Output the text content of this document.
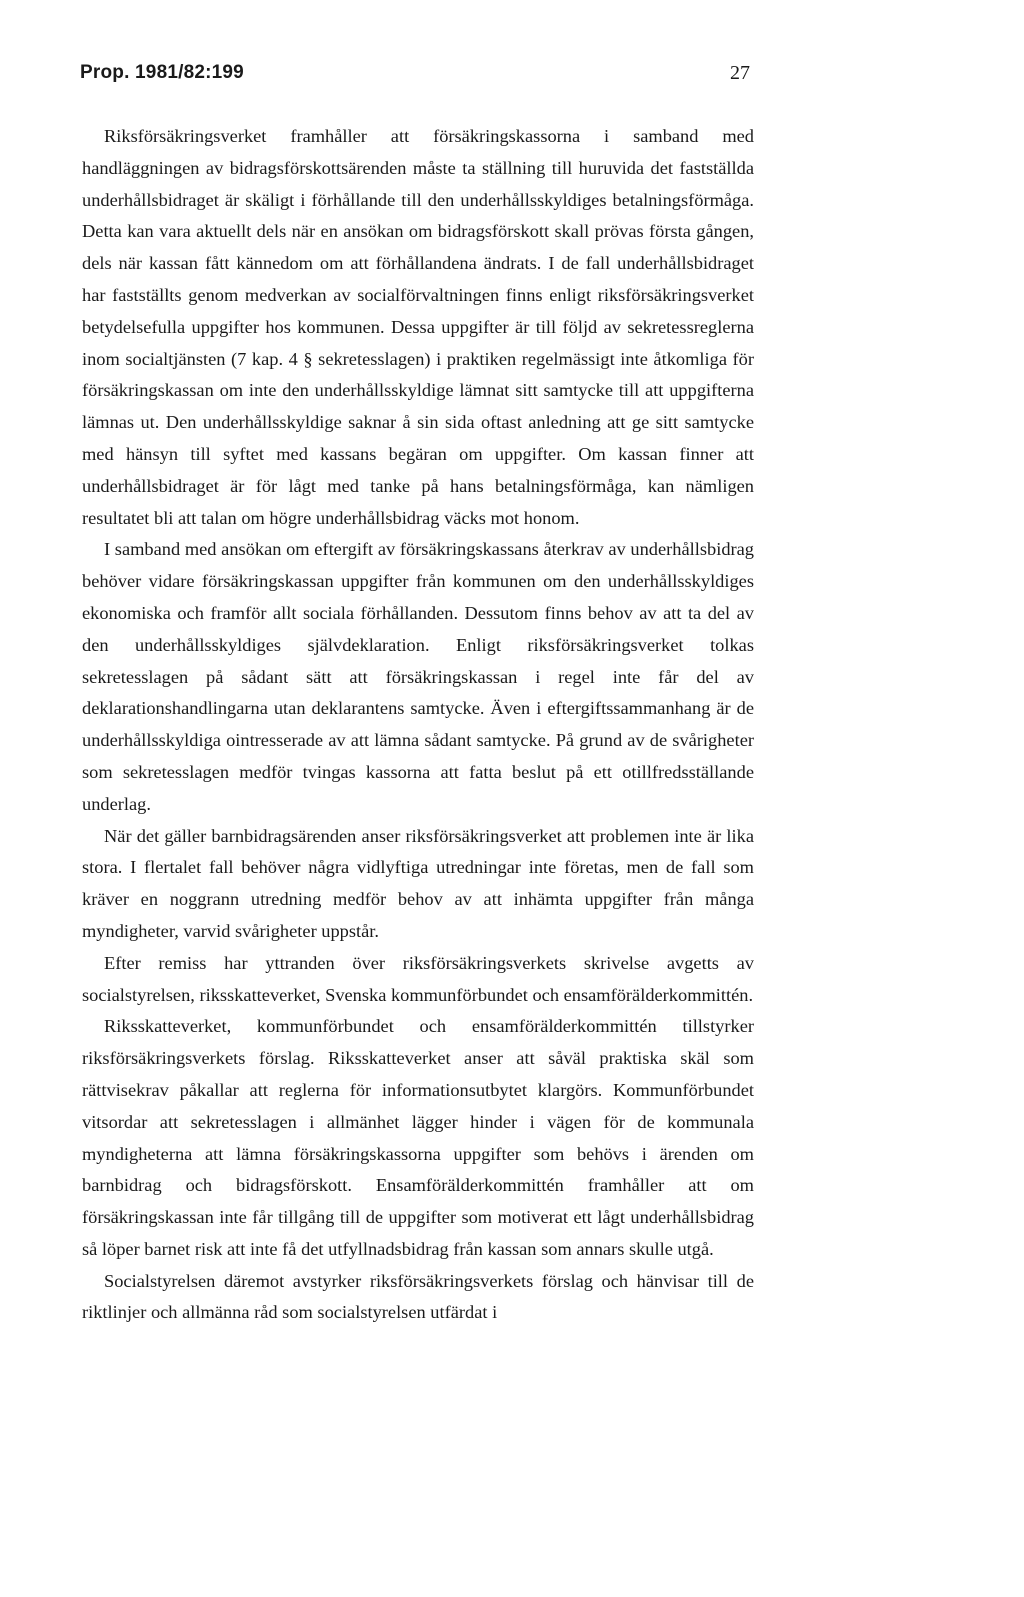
Prop. 1981/82:199	27

Riksförsäkringsverket framhåller att försäkringskassorna i samband med handläggningen av bidragsförskottsärenden måste ta ställning till huruvida det fastställda underhållsbidraget är skäligt i förhållande till den underhållsskyldiges betalningsförmåga. Detta kan vara aktuellt dels när en ansökan om bidragsförskott skall prövas första gången, dels när kassan fått kännedom om att förhållandena ändrats. I de fall underhållsbidraget har fastställts genom medverkan av socialförvaltningen finns enligt riksförsäkringsverket betydelsefulla uppgifter hos kommunen. Dessa uppgifter är till följd av sekretessreglerna inom socialtjänsten (7 kap. 4 § sekretesslagen) i praktiken regelmässigt inte åtkomliga för försäkringskassan om inte den underhållsskyldige lämnat sitt samtycke till att uppgifterna lämnas ut. Den underhållsskyldige saknar å sin sida oftast anledning att ge sitt samtycke med hänsyn till syftet med kassans begäran om uppgifter. Om kassan finner att underhållsbidraget är för lågt med tanke på hans betalningsförmåga, kan nämligen resultatet bli att talan om högre underhållsbidrag väcks mot honom.

I samband med ansökan om eftergift av försäkringskassans återkrav av underhållsbidrag behöver vidare försäkringskassan uppgifter från kommunen om den underhållsskyldiges ekonomiska och framför allt sociala förhållanden. Dessutom finns behov av att ta del av den underhållsskyldiges självdeklaration. Enligt riksförsäkringsverket tolkas sekretesslagen på sådant sätt att försäkringskassan i regel inte får del av deklarationshandlingarna utan deklarantens samtycke. Även i eftergiftssammanhang är de underhållsskyldiga ointresserade av att lämna sådant samtycke. På grund av de svårigheter som sekretesslagen medför tvingas kassorna att fatta beslut på ett otillfredsställande underlag.

När det gäller barnbidragsärenden anser riksförsäkringsverket att problemen inte är lika stora. I flertalet fall behöver några vidlyftiga utredningar inte företas, men de fall som kräver en noggrann utredning medför behov av att inhämta uppgifter från många myndigheter, varvid svårigheter uppstår.

Efter remiss har yttranden över riksförsäkringsverkets skrivelse avgetts av socialstyrelsen, riksskatteverket, Svenska kommunförbundet och ensamförälderkommittén.

Riksskatteverket, kommunförbundet och ensamförälderkommittén tillstyrker riksförsäkringsverkets förslag. Riksskatteverket anser att såväl praktiska skäl som rättvisekrav påkallar att reglerna för informationsutbytet klargörs. Kommunförbundet vitsordar att sekretesslagen i allmänhet lägger hinder i vägen för de kommunala myndigheterna att lämna försäkringskassorna uppgifter som behövs i ärenden om barnbidrag och bidragsförskott. Ensamförälderkommittén framhåller att om försäkringskassan inte får tillgång till de uppgifter som motiverat ett lågt underhållsbidrag så löper barnet risk att inte få det utfyllnadsbidrag från kassan som annars skulle utgå.

Socialstyrelsen däremot avstyrker riksförsäkringsverkets förslag och hänvisar till de riktlinjer och allmänna råd som socialstyrelsen utfärdat i
